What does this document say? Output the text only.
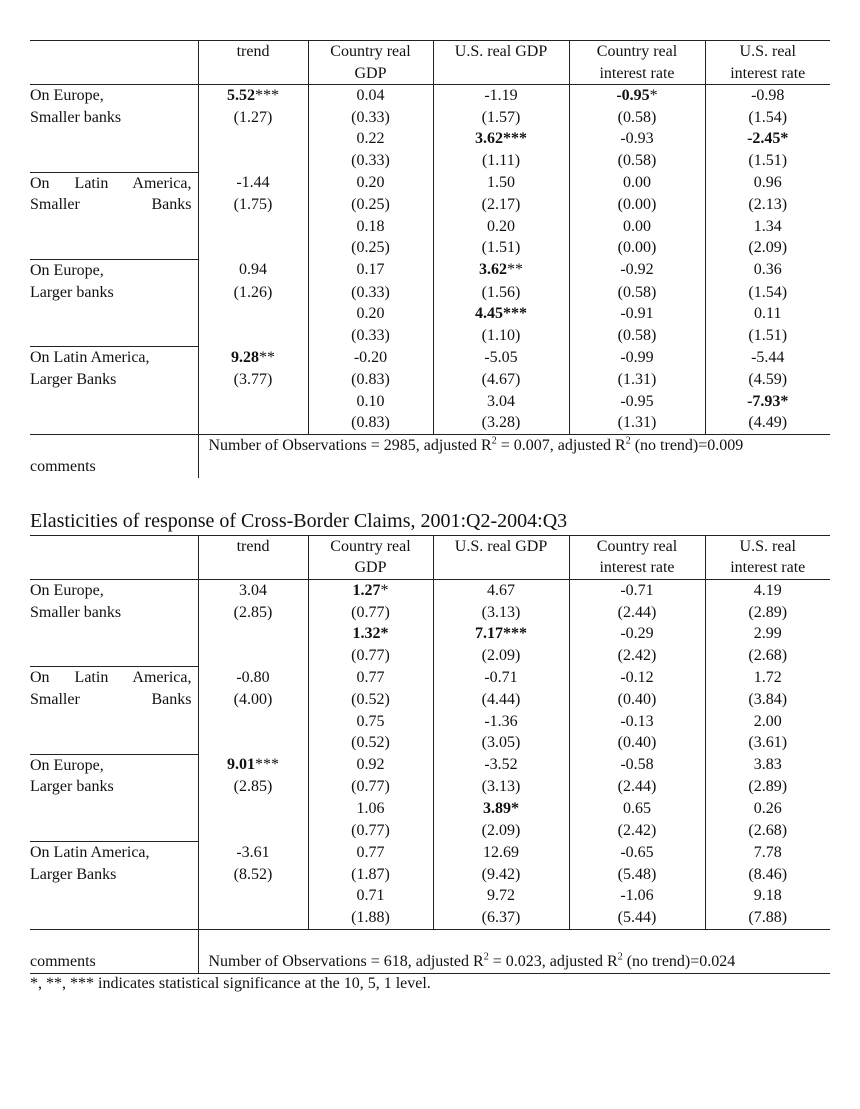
	trend	Country real	U.S. real GDP	Country real	U.S. real
		GDP		interest rate	interest rate
On Europe,	5.52***	0.04	-1.19	-0.95*	-0.98
Smaller banks	(1.27)	(0.33)	(1.57)	(0.58)	(1.54)
		0.22	3.62***	-0.93	-2.45*
		(0.33)	(1.11)	(0.58)	(1.51)
On Latin America,	-1.44	0.20	1.50	0.00	0.96
Smaller Banks	(1.75)	(0.25)	(2.17)	(0.00)	(2.13)
		0.18	0.20	0.00	1.34
		(0.25)	(1.51)	(0.00)	(2.09)
On Europe,	0.94	0.17	3.62**	-0.92	0.36
Larger banks	(1.26)	(0.33)	(1.56)	(0.58)	(1.54)
		0.20	4.45***	-0.91	0.11
		(0.33)	(1.10)	(0.58)	(1.51)
On Latin America,	9.28**	-0.20	-5.05	-0.99	-5.44
Larger Banks	(3.77)	(0.83)	(4.67)	(1.31)	(4.59)
		0.10	3.04	-0.95	-7.93*
		(0.83)	(3.28)	(1.31)	(4.49)
	Number of Observations = 2985, adjusted $R^2 = 0.007$, adjusted $R^2$ (no trend)=0.009				
comments					
Elasticities of response of Cross-Border Claims, 2001:Q2-2004:Q3
	trend	Country real	U.S. real GDP	Country real	U.S. real
		GDP		interest rate	interest rate
On Europe,	3.04	1.27*	4.67	-0.71	4.19
Smaller banks	(2.85)	(0.77)	(3.13)	(2.44)	(2.89)
		1.32*	7.17***	-0.29	2.99
		(0.77)	(2.09)	(2.42)	(2.68)
On Latin America,	-0.80	0.77	-0.71	-0.12	1.72
Smaller Banks	(4.00)	(0.52)	(4.44)	(0.40)	(3.84)
		0.75	-1.36	-0.13	2.00
		(0.52)	(3.05)	(0.40)	(3.61)
On Europe,	9.01***	0.92	-3.52	-0.58	3.83
Larger banks	(2.85)	(0.77)	(3.13)	(2.44)	(2.89)
		1.06	3.89*	0.65	0.26
		(0.77)	(2.09)	(2.42)	(2.68)
On Latin America,	-3.61	0.77	12.69	-0.65	7.78
Larger Banks	(8.52)	(1.87)	(9.42)	(5.48)	(8.46)
		0.71	9.72	-1.06	9.18
		(1.88)	(6.37)	(5.44)	(7.88)

comments	Number of Observations = 618, adjusted $R^2 = 0.023$, adjusted $R^2$ (no trend)=0.024				
*, **, *** indicates statistical significance at the 10, 5, 1 level.
